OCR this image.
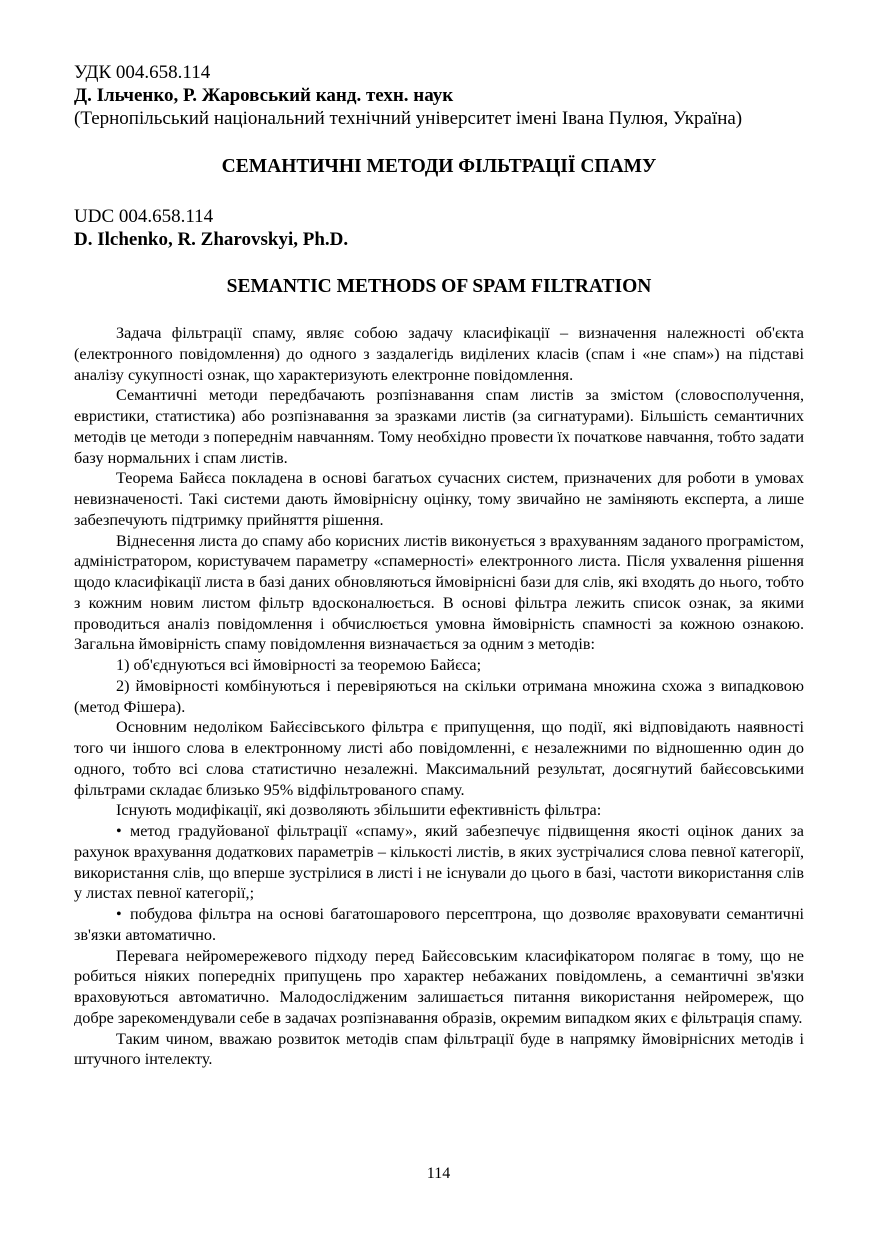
УДК 004.658.114
Д. Ільченко, Р. Жаровський канд. техн. наук
(Тернопільський національний технічний університет імені Івана Пулюя, Україна)
СЕМАНТИЧНІ МЕТОДИ ФІЛЬТРАЦІЇ СПАМУ
UDC 004.658.114
D. Ilchenko, R. Zharovskyi, Ph.D.
SEMANTIC METHODS OF SPAM FILTRATION

Задача фільтрації спаму, являє собою задачу класифікації – визначення належності об'єкта (електронного повідомлення) до одного з заздалегідь виділених класів (спам і «не спам») на підставі аналізу сукупності ознак, що характеризують електронне повідомлення.

Семантичні методи передбачають розпізнавання спам листів за змістом (словосполучення, евристики, статистика) або розпізнавання за зразками листів (за сигнатурами). Більшість семантичних методів це методи з попереднім навчанням. Тому необхідно провести їх початкове навчання, тобто задати базу нормальних і спам листів.

Теорема Байєса покладена в основі багатьох сучасних систем, призначених для роботи в умовах невизначеності. Такі системи дають ймовірнісну оцінку, тому звичайно не заміняють експерта, а лише забезпечують підтримку прийняття рішення.

Віднесення листа до спаму або корисних листів виконується з врахуванням заданого програмістом, адміністратором, користувачем параметру «спамерності» електронного листа. Після ухвалення рішення щодо класифікації листа в базі даних обновляються ймовірнісні бази для слів, які входять до нього, тобто з кожним новим листом фільтр вдосконалюється. В основі фільтра лежить список ознак, за якими проводиться аналіз повідомлення і обчислюється умовна ймовірність спамності за кожною ознакою. Загальна ймовірність спаму повідомлення визначається за одним з методів:

1) об'єднуються всі ймовірності за теоремою Байєса;

2) ймовірності комбінуються і перевіряються на скільки отримана множина схожа з випадковою (метод Фішера).

Основним недоліком Байєсівського фільтра є припущення, що події, які відповідають наявності того чи іншого слова в електронному листі або повідомленні, є незалежними по відношенню один до одного, тобто всі слова статистично незалежні. Максимальний результат, досягнутий байєсовськими фільтрами складає близько 95% відфільтрованого спаму.

Існують модифікації, які дозволяють збільшити ефективність фільтра:

• метод градуйованої фільтрації «спаму», який забезпечує підвищення якості оцінок даних за рахунок врахування додаткових параметрів – кількості листів, в яких зустрічалися слова певної категорії, використання слів, що вперше зустрілися в листі і не існували до цього в базі, частоти використання слів у листах певної категорії,;

• побудова фільтра на основі багатошарового персептрона, що дозволяє враховувати семантичні зв'язки автоматично.

Перевага нейромережевого підходу перед Байєсовським класифікатором полягає в тому, що не робиться ніяких попередніх припущень про характер небажаних повідомлень, а семантичні зв'язки враховуються автоматично. Малодослідженим залишається питання використання нейромереж, що добре зарекомендували себе в задачах розпізнавання образів, окремим випадком яких є фільтрація спаму.

Таким чином, вважаю розвиток методів спам фільтрації буде в напрямку ймовірнісних методів і штучного інтелекту.

114
